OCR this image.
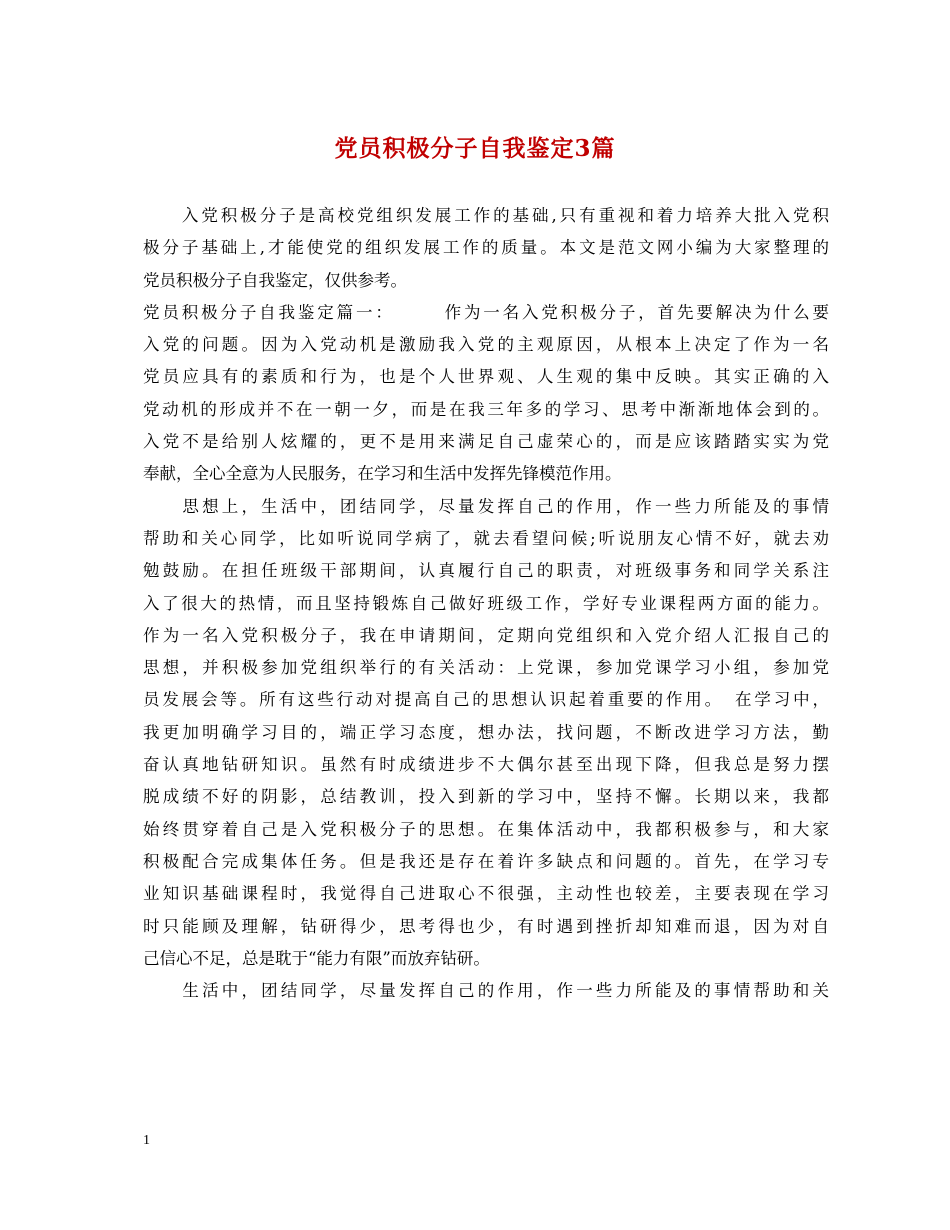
党员积极分子自我鉴定3篇
　　入党积极分子是高校党组织发展工作的基础,只有重视和着力培养大批入党积
极分子基础上,才能使党的组织发展工作的质量。本文是范文网小编为大家整理的
党员积极分子自我鉴定，仅供参考。
党员积极分子自我鉴定篇一：　　　作为一名入党积极分子，首先要解决为什么要
入党的问题。因为入党动机是激励我入党的主观原因，从根本上决定了作为一名
党员应具有的素质和行为，也是个人世界观、人生观的集中反映。其实正确的入
党动机的形成并不在一朝一夕，而是在我三年多的学习、思考中渐渐地体会到的。
入党不是给别人炫耀的，更不是用来满足自己虚荣心的，而是应该踏踏实实为党
奉献，全心全意为人民服务，在学习和生活中发挥先锋模范作用。
　　思想上，生活中，团结同学，尽量发挥自己的作用，作一些力所能及的事情
帮助和关心同学，比如听说同学病了，就去看望问候;听说朋友心情不好，就去劝
勉鼓励。在担任班级干部期间，认真履行自己的职责，对班级事务和同学关系注
入了很大的热情，而且坚持锻炼自己做好班级工作，学好专业课程两方面的能力。
作为一名入党积极分子，我在申请期间，定期向党组织和入党介绍人汇报自己的
思想，并积极参加党组织举行的有关活动：上党课，参加党课学习小组，参加党
员发展会等。所有这些行动对提高自己的思想认识起着重要的作用。　在学习中，
我更加明确学习目的，端正学习态度，想办法，找问题，不断改进学习方法，勤
奋认真地钻研知识。虽然有时成绩进步不大偶尔甚至出现下降，但我总是努力摆
脱成绩不好的阴影，总结教训，投入到新的学习中，坚持不懈。长期以来，我都
始终贯穿着自己是入党积极分子的思想。在集体活动中，我都积极参与，和大家
积极配合完成集体任务。但是我还是存在着许多缺点和问题的。首先，在学习专
业知识基础课程时，我觉得自己进取心不很强，主动性也较差，主要表现在学习
时只能顾及理解，钻研得少，思考得也少，有时遇到挫折却知难而退，因为对自
己信心不足，总是耽于“能力有限”而放弃钻研。
　　生活中，团结同学，尽量发挥自己的作用，作一些力所能及的事情帮助和关
1
